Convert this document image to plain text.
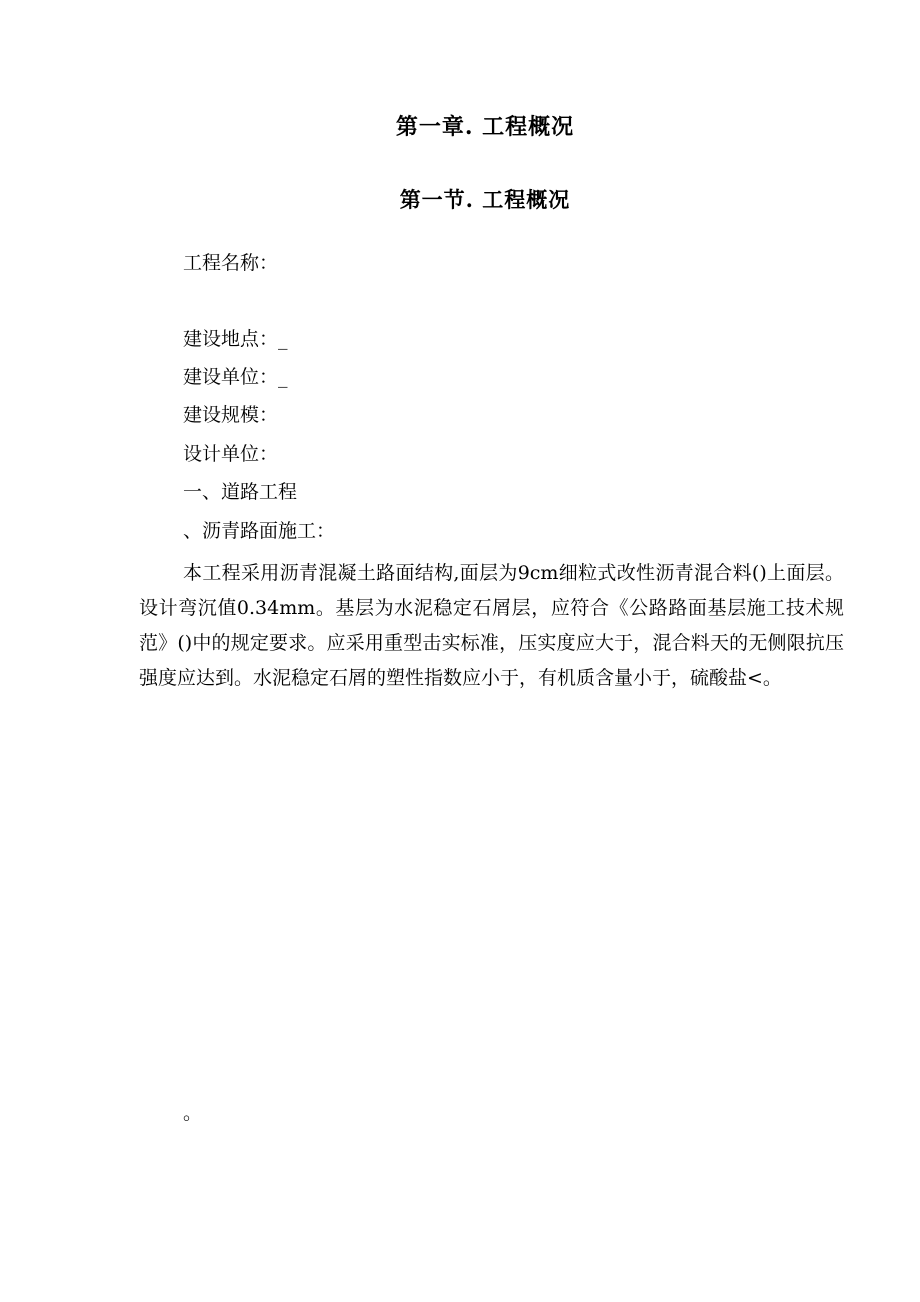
第一章. 工程概况
第一节. 工程概况
工程名称：
建设地点：_
建设单位：_
建设规模：
设计单位：
一、道路工程
、沥青路面施工：
本工程采用沥青混凝土路面结构,面层为9cm细粒式改性沥青混合料()上面层。设计弯沉值0.34mm。基层为水泥稳定石屑层，应符合《公路路面基层施工技术规范》()中的规定要求。应采用重型击实标准，压实度应大于，混合料天的无侧限抗压强度应达到。水泥稳定石屑的塑性指数应小于，有机质含量小于，硫酸盐<。
。
